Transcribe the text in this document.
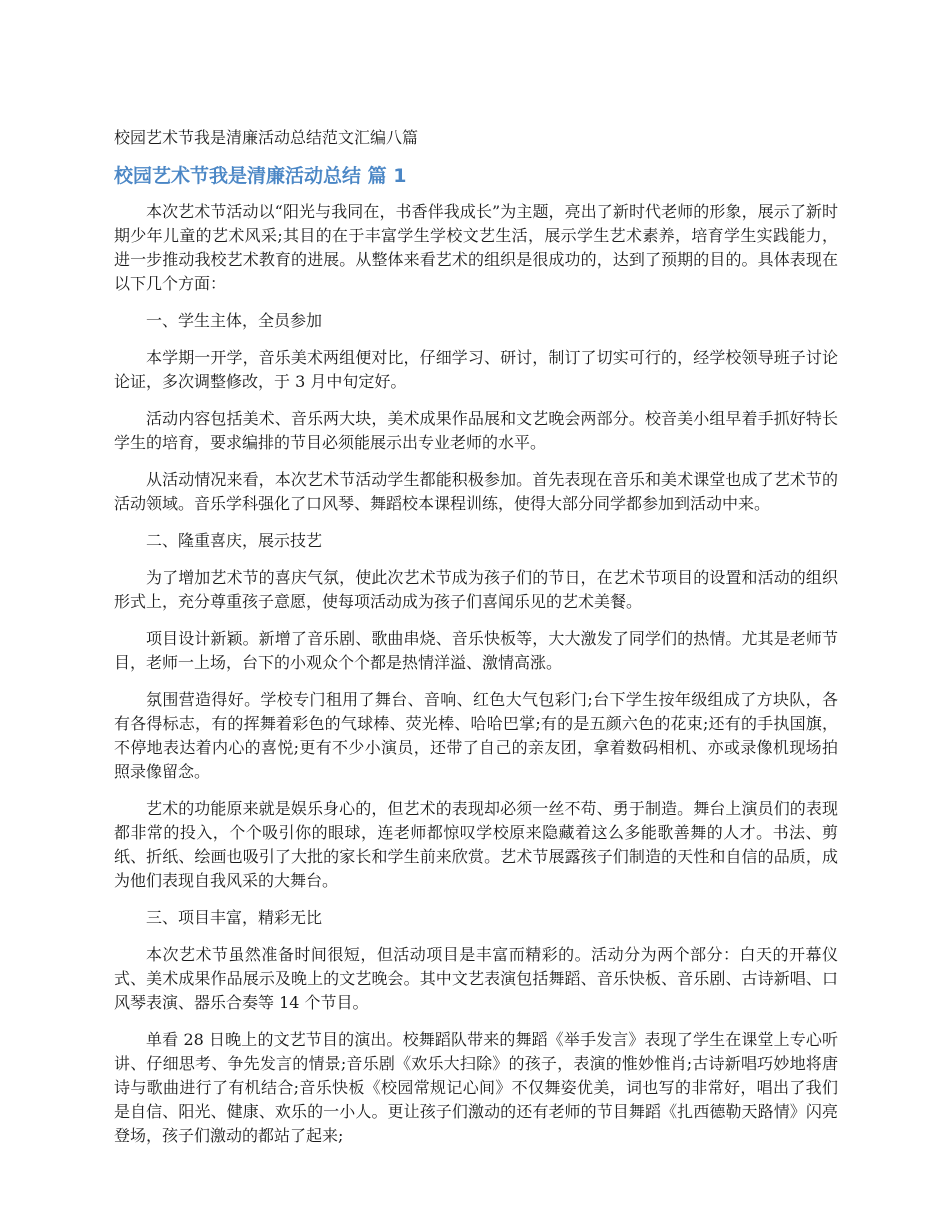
校园艺术节我是清廉活动总结范文汇编八篇
校园艺术节我是清廉活动总结 篇 1

本次艺术节活动以“阳光与我同在，书香伴我成长”为主题，亮出了新时代老师的形象，展示了新时期少年儿童的艺术风采;其目的在于丰富学生学校文艺生活，展示学生艺术素养，培育学生实践能力，进一步推动我校艺术教育的进展。从整体来看艺术的组织是很成功的，达到了预期的目的。具体表现在以下几个方面：

一、学生主体，全员参加

本学期一开学，音乐美术两组便对比，仔细学习、研讨，制订了切实可行的，经学校领导班子讨论论证，多次调整修改，于 3 月中旬定好。

活动内容包括美术、音乐两大块，美术成果作品展和文艺晚会两部分。校音美小组早着手抓好特长学生的培育，要求编排的节目必须能展示出专业老师的水平。

从活动情况来看，本次艺术节活动学生都能积极参加。首先表现在音乐和美术课堂也成了艺术节的活动领域。音乐学科强化了口风琴、舞蹈校本课程训练，使得大部分同学都参加到活动中来。

二、隆重喜庆，展示技艺

为了增加艺术节的喜庆气氛，使此次艺术节成为孩子们的节日，在艺术节项目的设置和活动的组织形式上，充分尊重孩子意愿，使每项活动成为孩子们喜闻乐见的艺术美餐。

项目设计新颖。新增了音乐剧、歌曲串烧、音乐快板等，大大激发了同学们的热情。尤其是老师节目，老师一上场，台下的小观众个个都是热情洋溢、激情高涨。

氛围营造得好。学校专门租用了舞台、音响、红色大气包彩门;台下学生按年级组成了方块队，各有各得标志，有的挥舞着彩色的气球棒、荧光棒、哈哈巴掌;有的是五颜六色的花束;还有的手执国旗，不停地表达着内心的喜悦;更有不少小演员，还带了自己的亲友团，拿着数码相机、亦或录像机现场拍照录像留念。

艺术的功能原来就是娱乐身心的，但艺术的表现却必须一丝不苟、勇于制造。舞台上演员们的表现都非常的投入，个个吸引你的眼球，连老师都惊叹学校原来隐藏着这么多能歌善舞的人才。书法、剪纸、折纸、绘画也吸引了大批的家长和学生前来欣赏。艺术节展露孩子们制造的天性和自信的品质，成为他们表现自我风采的大舞台。

三、项目丰富，精彩无比

本次艺术节虽然准备时间很短，但活动项目是丰富而精彩的。活动分为两个部分：白天的开幕仪式、美术成果作品展示及晚上的文艺晚会。其中文艺表演包括舞蹈、音乐快板、音乐剧、古诗新唱、口风琴表演、器乐合奏等 14 个节目。

单看 28 日晚上的文艺节目的演出。校舞蹈队带来的舞蹈《举手发言》表现了学生在课堂上专心听讲、仔细思考、争先发言的情景;音乐剧《欢乐大扫除》的孩子，表演的惟妙惟肖;古诗新唱巧妙地将唐诗与歌曲进行了有机结合;音乐快板《校园常规记心间》不仅舞姿优美，词也写的非常好，唱出了我们是自信、阳光、健康、欢乐的一小人。更让孩子们激动的还有老师的节目舞蹈《扎西德勒天路情》闪亮登场，孩子们激动的都站了起来;
